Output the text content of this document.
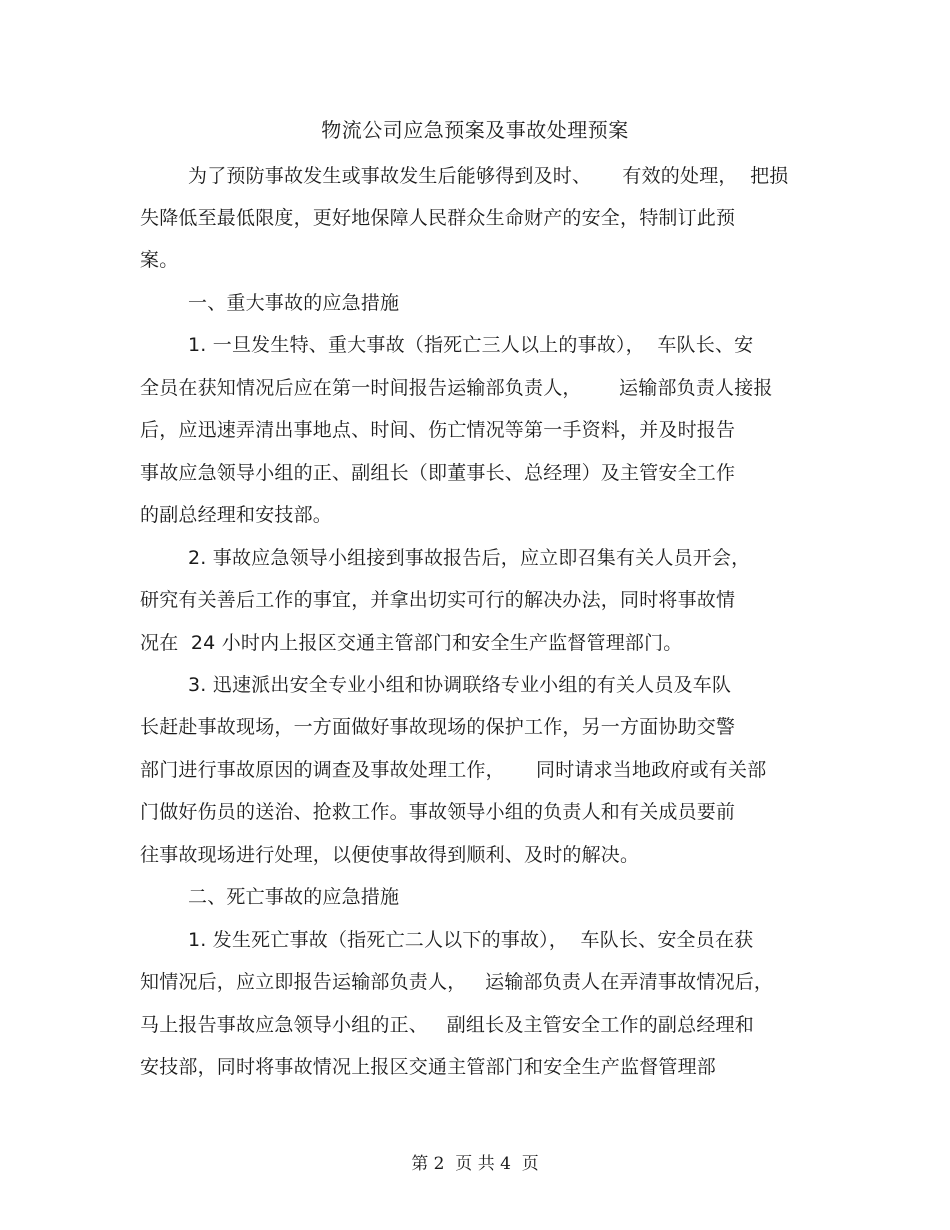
物流公司应急预案及事故处理预案
为了预防事故发生或事故发生后能够得到及时、     有效的处理，  把损
失降低至最低限度，更好地保障人民群众生命财产的安全，特制订此预
案。
一、重大事故的应急措施
1. 一旦发生特、重大事故（指死亡三人以上的事故），  车队长、安
全员在获知情况后应在第一时间报告运输部负责人，      运输部负责人接报
后，应迅速弄清出事地点、时间、伤亡情况等第一手资料，并及时报告
事故应急领导小组的正、副组长（即董事长、总经理）及主管安全工作
的副总经理和安技部。
2. 事故应急领导小组接到事故报告后，应立即召集有关人员开会，
研究有关善后工作的事宜，并拿出切实可行的解决办法，同时将事故情
况在  24 小时内上报区交通主管部门和安全生产监督管理部门。
3. 迅速派出安全专业小组和协调联络专业小组的有关人员及车队
长赶赴事故现场，一方面做好事故现场的保护工作，另一方面协助交警
部门进行事故原因的调查及事故处理工作，     同时请求当地政府或有关部
门做好伤员的送治、抢救工作。事故领导小组的负责人和有关成员要前
往事故现场进行处理，以便使事故得到顺利、及时的解决。
二、死亡事故的应急措施
1. 发生死亡事故（指死亡二人以下的事故），  车队长、安全员在获
知情况后，应立即报告运输部负责人，   运输部负责人在弄清事故情况后，
马上报告事故应急领导小组的正、   副组长及主管安全工作的副总经理和
安技部，同时将事故情况上报区交通主管部门和安全生产监督管理部
第 2  页 共 4  页
